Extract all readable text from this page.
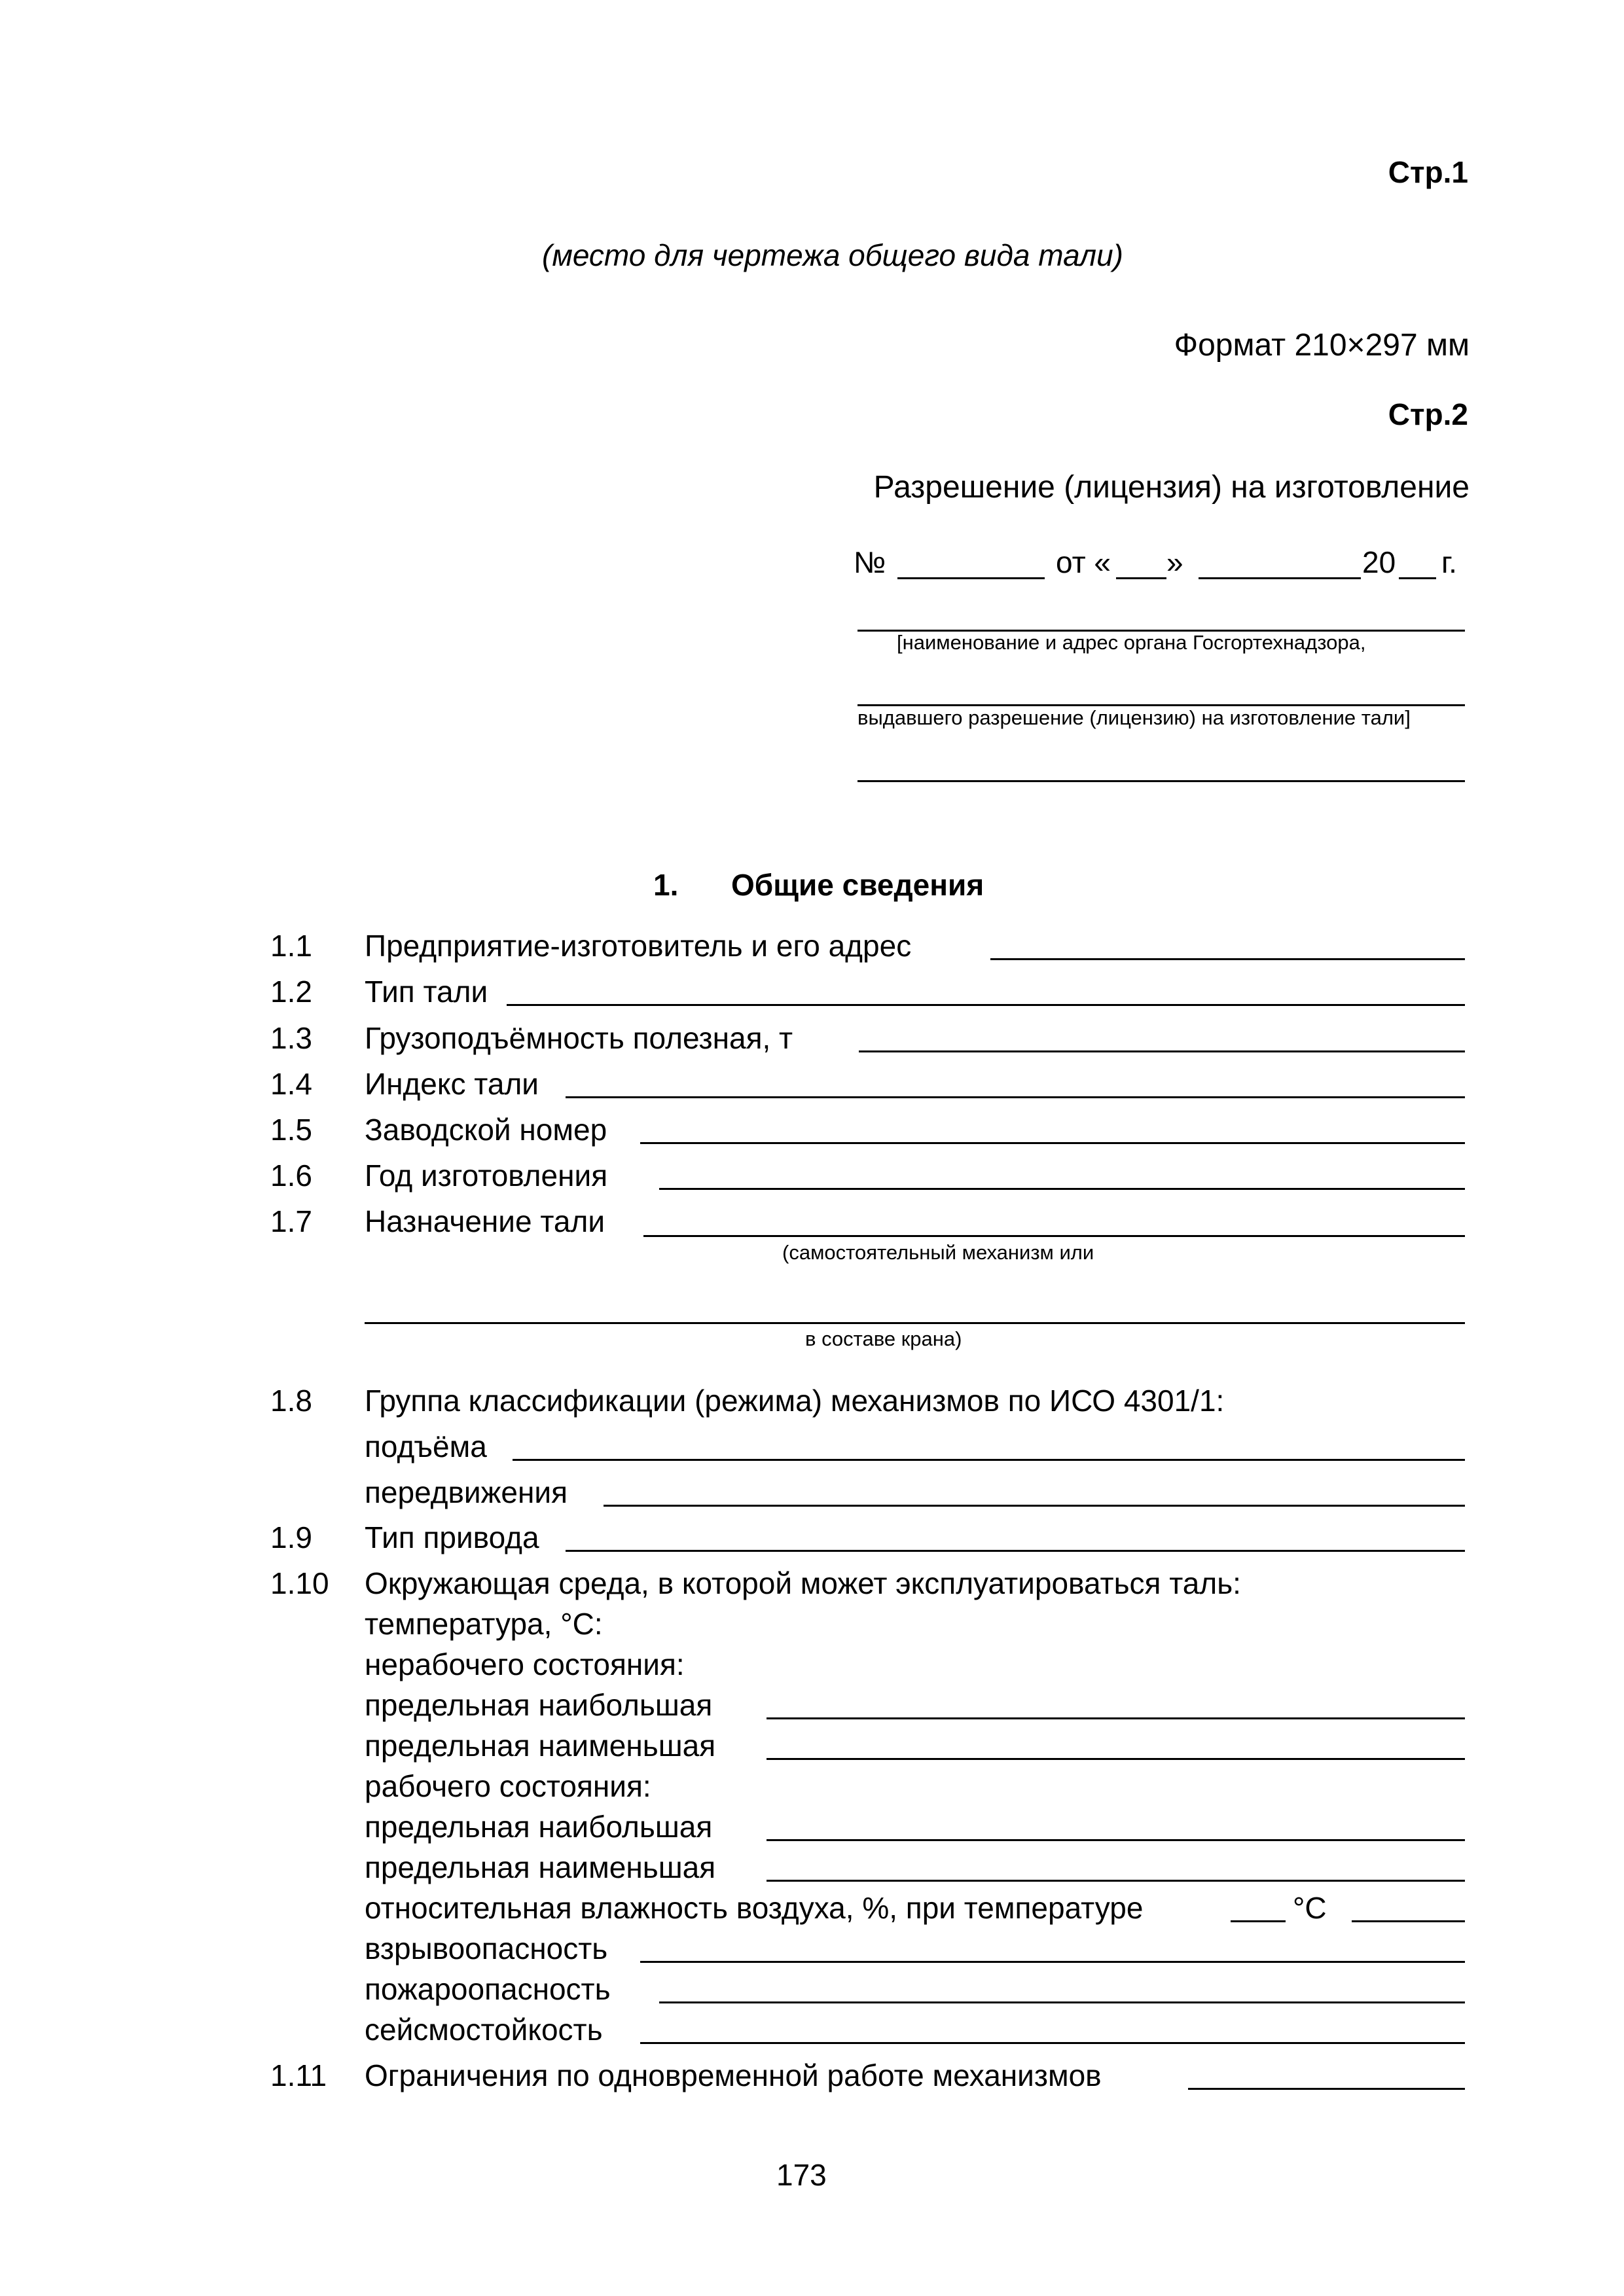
Стр.1
(место для чертежа общего вида тали)
Формат 210×297 мм
Стр.2
Разрешение (лицензия) на изготовление
№	от « »	20 г.
[наименование и адрес органа Госгортехнадзора,
выдавшего разрешение (лицензию) на изготовление тали]
1. Общие сведения
1.1 Предприятие-изготовитель и его адрес
1.2 Тип тали
1.3 Грузоподъёмность полезная, т
1.4 Индекс тали
1.5 Заводской номер
1.6 Год изготовления
1.7 Назначение тали
(самостоятельный механизм или
в составе крана)
1.8 Группа классификации (режима) механизмов по ИСО 4301/1:
подъёма
передвижения
1.9 Тип привода
1.10 Окружающая среда, в которой может эксплуатироваться таль:
температура, °С:
нерабочего состояния:
предельная наибольшая
предельная наименьшая
рабочего состояния:
предельная наибольшая
предельная наименьшая
относительная влажность воздуха, %, при температуре	°С
взрывоопасность
пожароопасность
сейсмостойкость
1.11 Ограничения по одновременной работе механизмов
173
